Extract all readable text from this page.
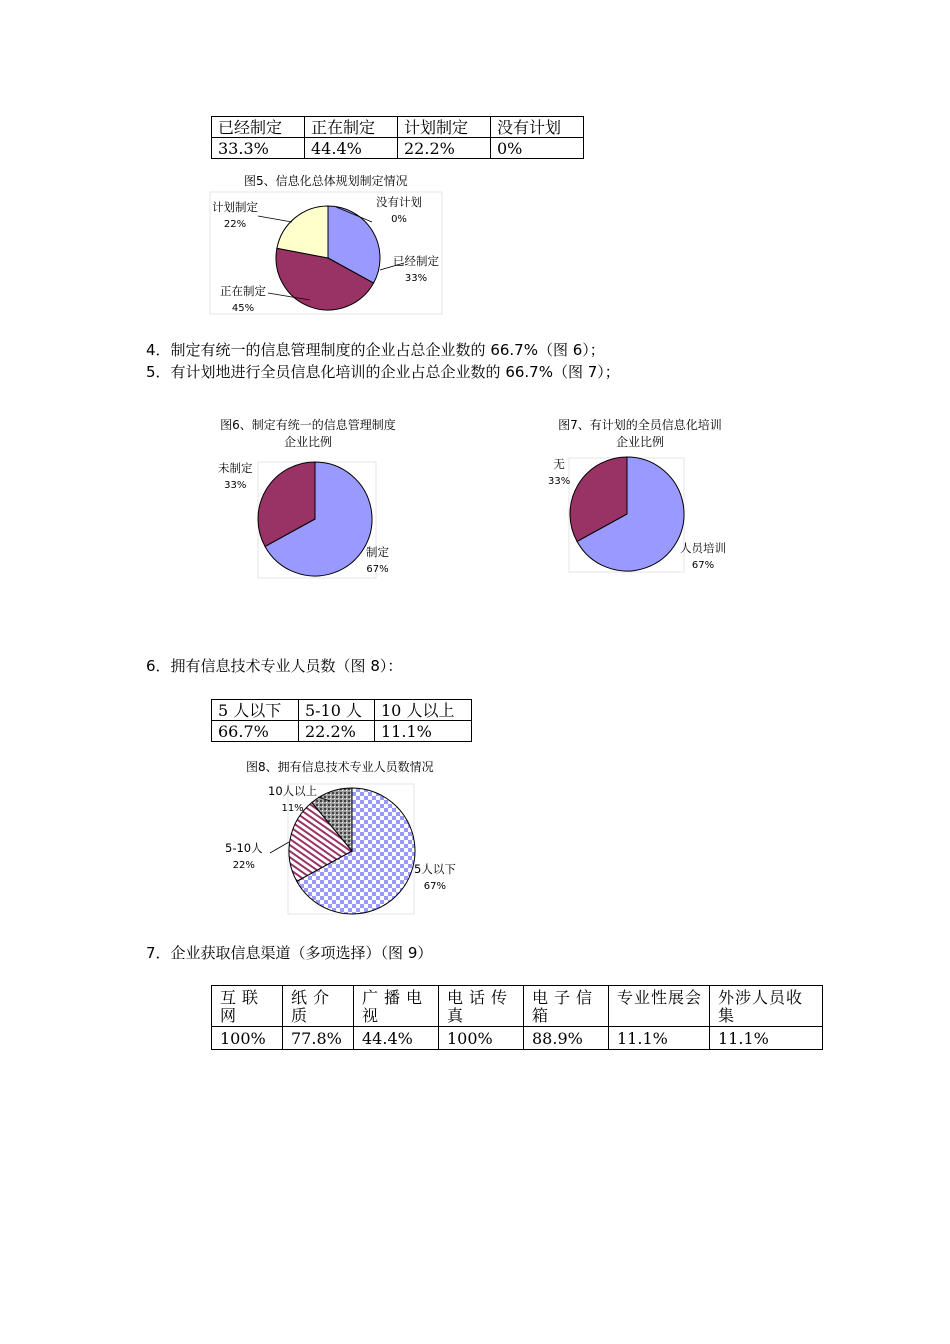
已经制定	正在制定	计划制定	没有计划
33.3%	44.4%	22.2%	0%
图5、信息化总体规划制定情况
计划制定
22%
没有计划
0%
已经制定
33%
正在制定
45%
4．制定有统一的信息管理制度的企业占总企业数的 66.7%（图 6）；
5．有计划地进行全员信息化培训的企业占总企业数的 66.7%（图 7）；
图6、制定有统一的信息管理制度
企业比例
未制定
33%
制定
67%
图7、有计划的全员信息化培训
企业比例
无
33%
人员培训
67%
6．拥有信息技术专业人员数（图 8）：
5 人以下	5-10 人	10 人以上
66.7%	22.2%	11.1%
图8、拥有信息技术专业人员数情况
10人以上
11%
5-10人
22%	5人以下
67%
7．企业获取信息渠道（多项选择）（图 9）
互联网	纸介质	广播电视	电话传真	电子信箱	专业性展会	外涉人员收集
100%	77.8%	44.4%	100%	88.9%	11.1%	11.1%
